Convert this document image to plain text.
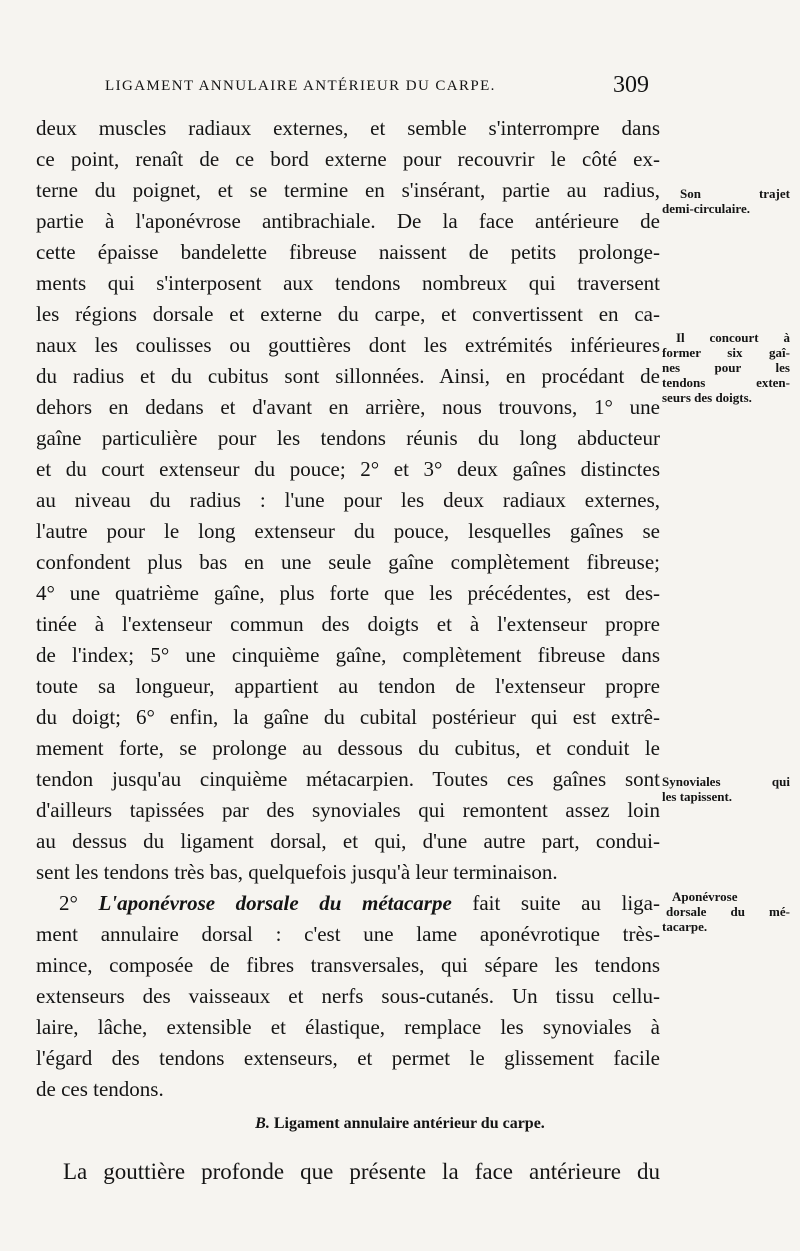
LIGAMENT ANNULAIRE ANTÉRIEUR DU CARPE.	309
deux muscles radiaux externes, et semble s'interrompre dans
ce point, renaît de ce bord externe pour recouvrir le côté ex-
terne du poignet, et se termine en s'insérant, partie au radius,
partie à l'aponévrose antibrachiale. De la face antérieure de
cette épaisse bandelette fibreuse naissent de petits prolonge-
ments qui s'interposent aux tendons nombreux qui traversent
les régions dorsale et externe du carpe, et convertissent en ca-
naux les coulisses ou gouttières dont les extrémités inférieures
du radius et du cubitus sont sillonnées. Ainsi, en procédant de
dehors en dedans et d'avant en arrière, nous trouvons, 1° une
gaîne particulière pour les tendons réunis du long abducteur
et du court extenseur du pouce; 2° et 3° deux gaînes distinctes
au niveau du radius : l'une pour les deux radiaux externes,
l'autre pour le long extenseur du pouce, lesquelles gaînes se
confondent plus bas en une seule gaîne complètement fibreuse;
4° une quatrième gaîne, plus forte que les précédentes, est des-
tinée à l'extenseur commun des doigts et à l'extenseur propre
de l'index; 5° une cinquième gaîne, complètement fibreuse dans
toute sa longueur, appartient au tendon de l'extenseur propre
du doigt; 6° enfin, la gaîne du cubital postérieur qui est extrê-
mement forte, se prolonge au dessous du cubitus, et conduit le
tendon jusqu'au cinquième métacarpien. Toutes ces gaînes sont
d'ailleurs tapissées par des synoviales qui remontent assez loin
au dessus du ligament dorsal, et qui, d'une autre part, condui-
sent les tendons très bas, quelquefois jusqu'à leur terminaison.
2° L'aponévrose dorsale du métacarpe fait suite au liga-
ment annulaire dorsal : c'est une lame aponévrotique très-
mince, composée de fibres transversales, qui sépare les tendons
extenseurs des vaisseaux et nerfs sous-cutanés. Un tissu cellu-
laire, lâche, extensible et élastique, remplace les synoviales à
l'égard des tendons extenseurs, et permet le glissement facile
de ces tendons.
Son trajet
demi-circulaire.
Il concourt à
former six gaî-
nes pour les
tendons exten-
seurs des doigts.
Synoviales qui
les tapissent.
Aponévrose
dorsale du mé-
tacarpe.
B. Ligament annulaire antérieur du carpe.
La gouttière profonde que présente la face antérieure du
